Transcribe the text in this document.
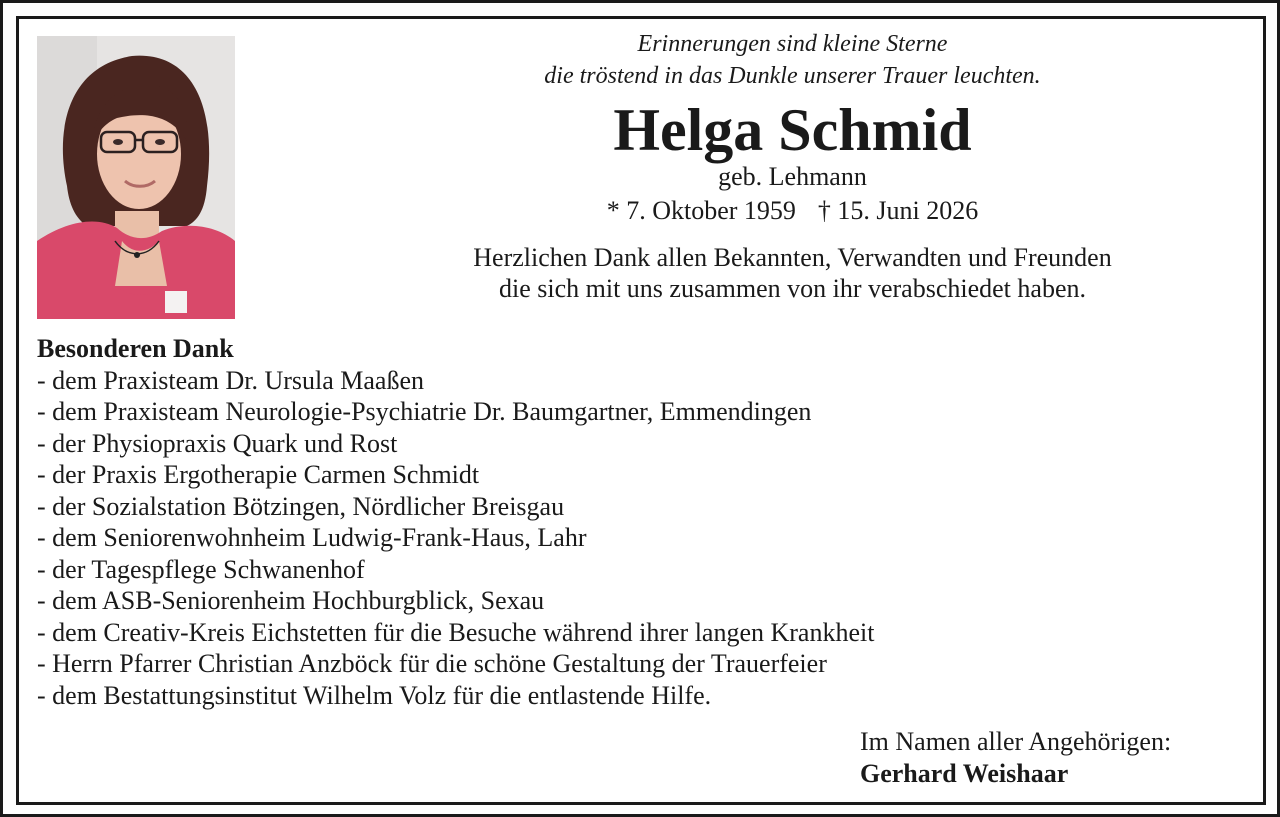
Erinnerungen sind kleine Sterne
die tröstend in das Dunkle unserer Trauer leuchten.
Helga Schmid
geb. Lehmann
* 7. Oktober 1959 † 15. Juni 2026
Herzlichen Dank allen Bekannten, Verwandten und Freunden
die sich mit uns zusammen von ihr verabschiedet haben.
Besonderen Dank
- dem Praxisteam Dr. Ursula Maaßen
- dem Praxisteam Neurologie-Psychiatrie Dr. Baumgartner, Emmendingen
- der Physiopraxis Quark und Rost
- der Praxis Ergotherapie Carmen Schmidt
- der Sozialstation Bötzingen, Nördlicher Breisgau
- dem Seniorenwohnheim Ludwig-Frank-Haus, Lahr
- der Tagespflege Schwanenhof
- dem ASB-Seniorenheim Hochburgblick, Sexau
- dem Creativ-Kreis Eichstetten für die Besuche während ihrer langen Krankheit
- Herrn Pfarrer Christian Anzböck für die schöne Gestaltung der Trauerfeier
- dem Bestattungsinstitut Wilhelm Volz für die entlastende Hilfe.
Im Namen aller Angehörigen:
Gerhard Weishaar
